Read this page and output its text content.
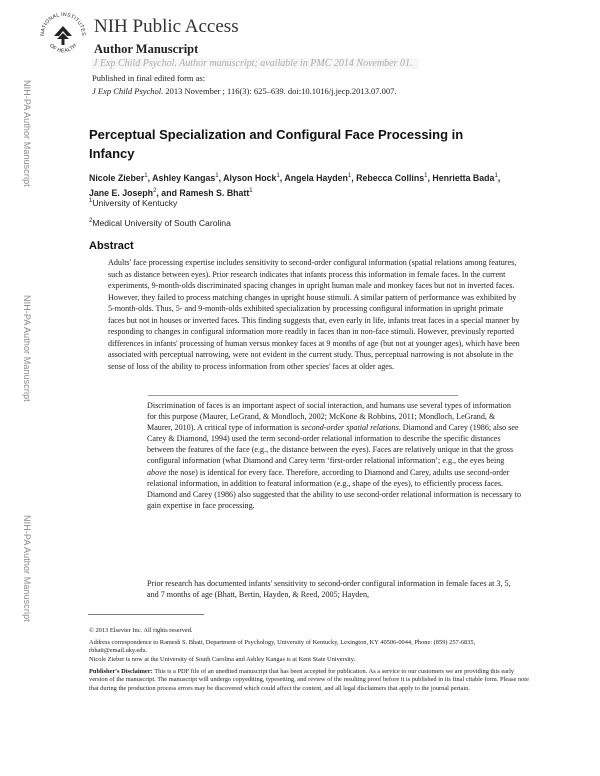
NATIONAL INSTITUTES
OF HEALTH
NIH Public Access
Author Manuscript
J Exp Child Psychol. Author manuscript; available in PMC 2014 November 01.
Published in final edited form as:
J Exp Child Psychol. 2013 November ; 116(3): 625–639. doi:10.1016/j.jecp.2013.07.007.
NIH-PA Author Manuscript
NIH-PA Author Manuscript
NIH-PA Author Manuscript
Perceptual Specialization and Configural Face Processing in Infancy
Nicole Zieber$^1$, Ashley Kangas$^1$, Alyson Hock$^1$, Angela Hayden$^1$, Rebecca Collins$^1$, Henrietta Bada$^1$, Jane E. Joseph$^2$, and Ramesh S. Bhatt$^1$
$^1$University of Kentucky
$^2$Medical University of South Carolina
Abstract
Adults' face processing expertise includes sensitivity to second-order configural information (spatial relations among features, such as distance between eyes). Prior research indicates that infants process this information in female faces. In the current experiments, 9-month-olds discriminated spacing changes in upright human male and monkey faces but not in inverted faces. However, they failed to process matching changes in upright house stimuli. A similar pattern of performance was exhibited by 5-month-olds. Thus, 5- and 9-month-olds exhibited specialization by processing configural information in upright primate faces but not in houses or inverted faces. This finding suggests that, even early in life, infants treat faces in a special manner by responding to changes in configural information more readily in faces than in non-face stimuli. However, previously reported differences in infants' processing of human versus monkey faces at 9 months of age (but not at younger ages), which have been associated with perceptual narrowing, were not evident in the current study. Thus, perceptual narrowing is not absolute in the sense of loss of the ability to process information from other species' faces at older ages.
Discrimination of faces is an important aspect of social interaction, and humans use several types of information for this purpose (Maurer, LeGrand, & Mondloch, 2002; McKone & Robbins, 2011; Mondloch, LeGrand, & Maurer, 2010). A critical type of information is second-order spatial relations. Diamond and Carey (1986; also see Carey & Diamond, 1994) used the term second-order relational information to describe the specific distances between the features of the face (e.g., the distance between the eyes). Faces are relatively unique in that the gross configural information (what Diamond and Carey term ‘first-order relational information’; e.g., the eyes being above the nose) is identical for every face. Therefore, according to Diamond and Carey, adults use second-order relational information, in addition to featural information (e.g., shape of the eyes), to efficiently process faces. Diamond and Carey (1986) also suggested that the ability to use second-order relational information is necessary to gain expertise in face processing.
Prior research has documented infants' sensitivity to second-order configural information in female faces at 3, 5, and 7 months of age (Bhatt, Bertin, Hayden, & Reed, 2005; Hayden,
© 2013 Elsevier Inc. All rights reserved.
Address correspondence to Ramesh S. Bhatt, Department of Psychology, University of Kentucky, Lexington, KY 40506-0044, Phone: (859) 257-6835, rbhatt@email.uky.edu.
Nicole Zieber is now at the University of South Carolina and Ashley Kangas is at Kent State University.
Publisher's Disclaimer: This is a PDF file of an unedited manuscript that has been accepted for publication. As a service to our customers we are providing this early version of the manuscript. The manuscript will undergo copyediting, typesetting, and review of the resulting proof before it is published in its final citable form. Please note that during the production process errors may be discovered which could affect the content, and all legal disclaimers that apply to the journal pertain.
